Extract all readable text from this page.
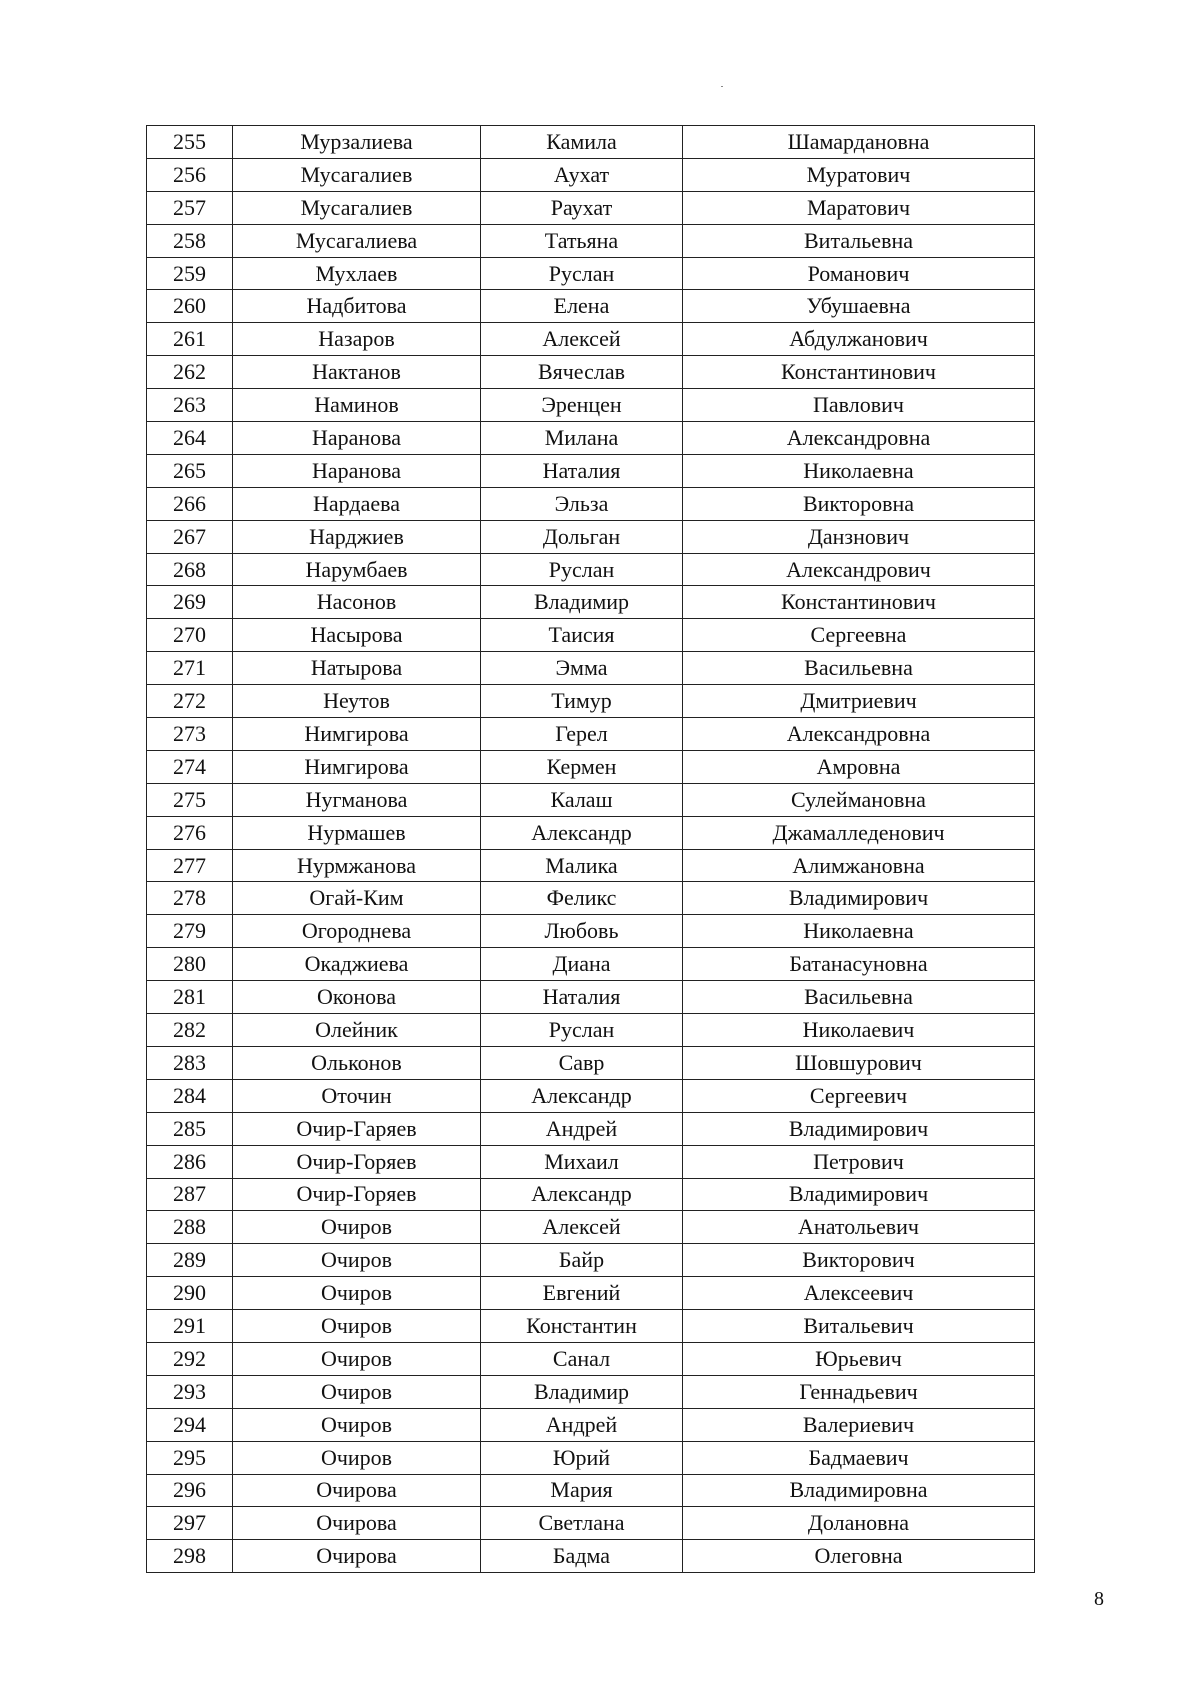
255	Мурзалиева	Камила	Шамардановна
256	Мусагалиев	Аухат	Муратович
257	Мусагалиев	Раухат	Маратович
258	Мусагалиева	Татьяна	Витальевна
259	Мухлаев	Руслан	Романович
260	Надбитова	Елена	Убушаевна
261	Назаров	Алексей	Абдулжанович
262	Нактанов	Вячеслав	Константинович
263	Наминов	Эренцен	Павлович
264	Наранова	Милана	Александровна
265	Наранова	Наталия	Николаевна
266	Нардаева	Эльза	Викторовна
267	Нарджиев	Дольган	Данзнович
268	Нарумбаев	Руслан	Александрович
269	Насонов	Владимир	Константинович
270	Насырова	Таисия	Сергеевна
271	Натырова	Эмма	Васильевна
272	Неутов	Тимур	Дмитриевич
273	Нимгирова	Герел	Александровна
274	Нимгирова	Кермен	Амровна
275	Нугманова	Калаш	Сулеймановна
276	Нурмашев	Александр	Джамалледенович
277	Нурмжанова	Малика	Алимжановна
278	Огай-Ким	Феликс	Владимирович
279	Огороднева	Любовь	Николаевна
280	Окаджиева	Диана	Батанасуновна
281	Оконова	Наталия	Васильевна
282	Олейник	Руслан	Николаевич
283	Ольконов	Савр	Шовшурович
284	Оточин	Александр	Сергеевич
285	Очир-Гаряев	Андрей	Владимирович
286	Очир-Горяев	Михаил	Петрович
287	Очир-Горяев	Александр	Владимирович
288	Очиров	Алексей	Анатольевич
289	Очиров	Байр	Викторович
290	Очиров	Евгений	Алексеевич
291	Очиров	Константин	Витальевич
292	Очиров	Санал	Юрьевич
293	Очиров	Владимир	Геннадьевич
294	Очиров	Андрей	Валериевич
295	Очиров	Юрий	Бадмаевич
296	Очирова	Мария	Владимировна
297	Очирова	Светлана	Долановна
298	Очирова	Бадма	Олеговна
8
